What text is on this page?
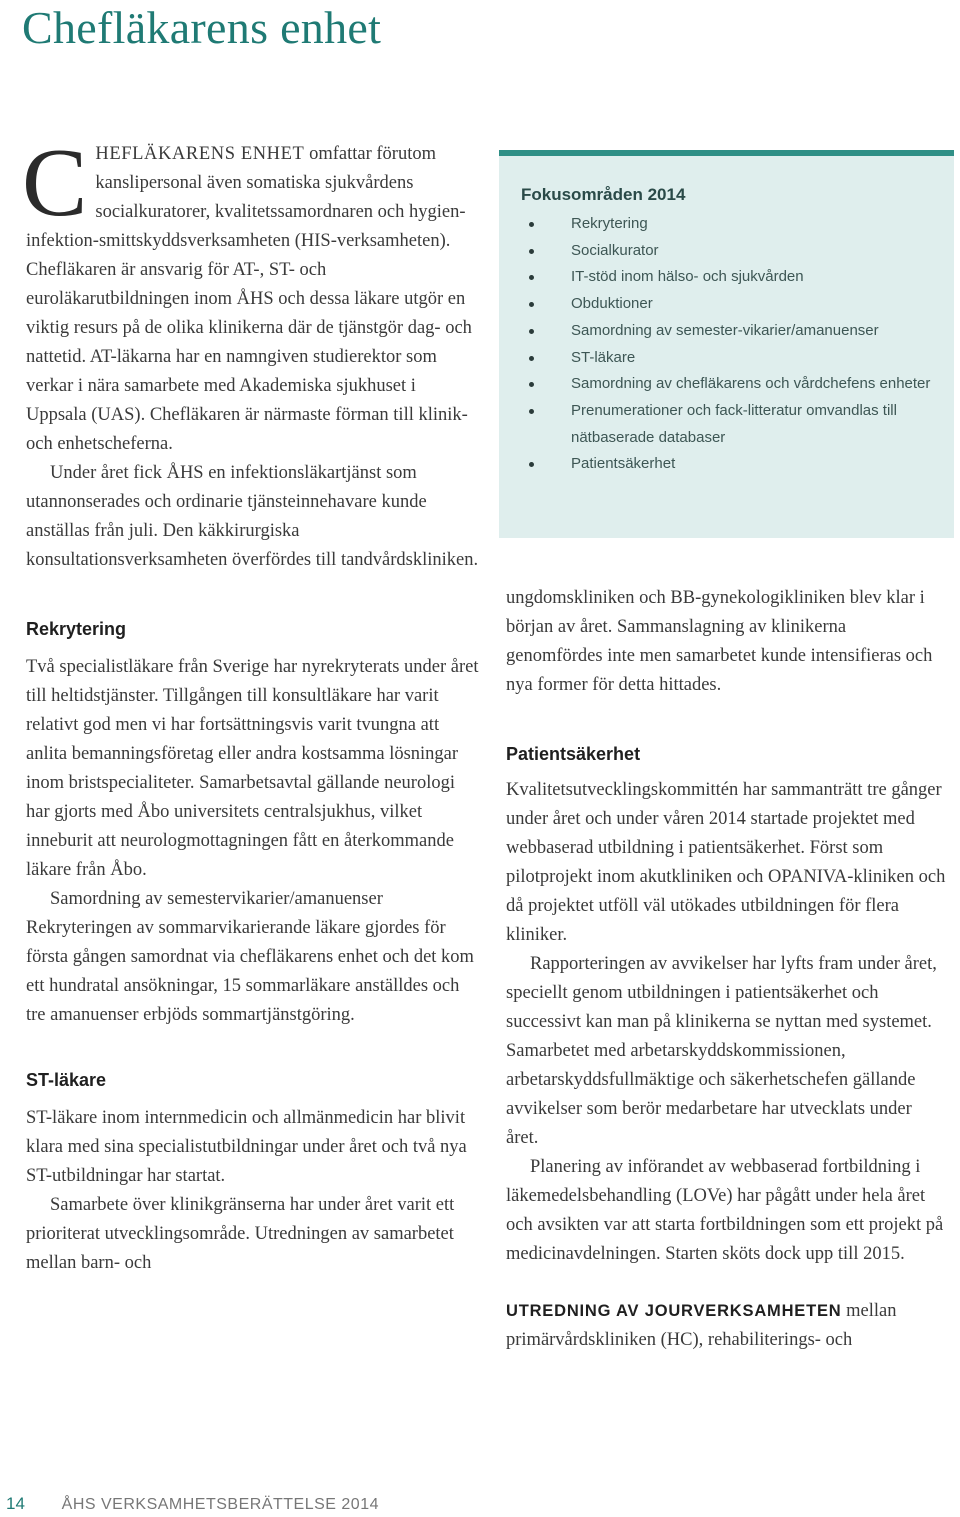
Chefläkarens enhet

CHEFLÄKARENS ENHET omfattar förutom kanslipersonal även somatiska sjukvårdens socialkuratorer, kvalitetssamordnaren och hygien-infektion-smittskyddsverksamheten (HIS-verksamheten). Chefläkaren är ansvarig för AT-, ST- och euroläkarutbildningen inom ÅHS och dessa läkare utgör en viktig resurs på de olika klinikerna där de tjänstgör dag- och nattetid. AT-läkarna har en namngiven studierektor som verkar i nära samarbete med Akademiska sjukhuset i Uppsala (UAS). Chefläkaren är närmaste förman till klinik- och enhetscheferna.

Under året fick ÅHS en infektionsläkartjänst som utannonserades och ordinarie tjänsteinnehavare kunde anställas från juli. Den käkkirurgiska konsultationsverksamheten överfördes till tandvårdskliniken.

Rekrytering

Två specialistläkare från Sverige har nyrekryterats under året till heltidstjänster. Tillgången till konsultläkare har varit relativt god men vi har fortsättningsvis varit tvungna att anlita bemanningsföretag eller andra kostsamma lösningar inom bristspecialiteter. Samarbetsavtal gällande neurologi har gjorts med Åbo universitets centralsjukhus, vilket inneburit att neurologmottagningen fått en återkommande läkare från Åbo.

Samordning av semestervikarier/amanuenser Rekryteringen av sommarvikarierande läkare gjordes för första gången samordnat via chefläkarens enhet och det kom ett hundratal ansökningar, 15 sommarläkare anställdes och tre amanuenser erbjöds sommartjänstgöring.

ST-läkare

ST-läkare inom internmedicin och allmänmedicin har blivit klara med sina specialistutbildningar under året och två nya ST-utbildningar har startat.

Samarbete över klinikgränserna har under året varit ett prioriterat utvecklingsområde. Utredningen av samarbetet mellan barn- och

Fokusområden 2014
Rekrytering
Socialkurator
IT-stöd inom hälso- och sjukvården
Obduktioner
Samordning av semester-vikarier/amanuenser
ST-läkare
Samordning av chefläkarens och vårdchefens enheter
Prenumerationer och fack-litteratur omvandlas till nätbaserade databaser
Patientsäkerhet

ungdomskliniken och BB-gynekologikliniken blev klar i början av året. Sammanslagning av klinikerna genomfördes inte men samarbetet kunde intensifieras och nya former för detta hittades.

Patientsäkerhet

Kvalitetsutvecklingskommittén har sammanträtt tre gånger under året och under våren 2014 startade projektet med webbaserad utbildning i patientsäkerhet. Först som pilotprojekt inom akutkliniken och OPANIVA-kliniken och då projektet utföll väl utökades utbildningen för flera kliniker.

Rapporteringen av avvikelser har lyfts fram under året, speciellt genom utbildningen i patientsäkerhet och successivt kan man på klinikerna se nyttan med systemet. Samarbetet med arbetarskyddskommissionen, arbetarskyddsfullmäktige och säkerhetschefen gällande avvikelser som berör medarbetare har utvecklats under året.

Planering av införandet av webbaserad fortbildning i läkemedelsbehandling (LOVe) har pågått under hela året och avsikten var att starta fortbildningen som ett projekt på medicinavdelningen. Starten sköts dock upp till 2015.

UTREDNING AV JOURVERKSAMHETEN mellan primärvårdskliniken (HC), rehabiliterings- och

14 ÅHS VERKSAMHETSBERÄTTELSE 2014
